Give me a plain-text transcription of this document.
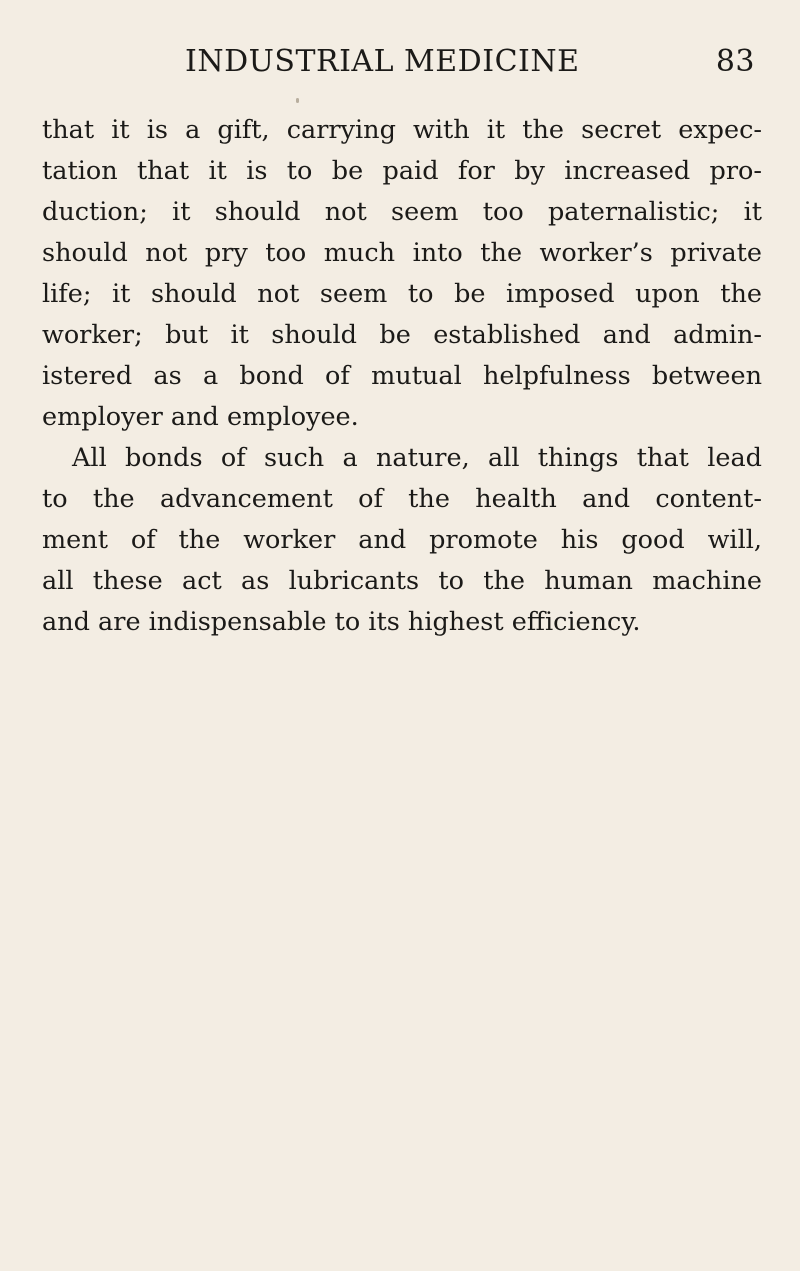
INDUSTRIAL MEDICINE	83
that it is a gift, carrying with it the secret expec-
tation that it is to be paid for by increased pro-
duction; it should not seem too paternalistic; it
should not pry too much into the worker’s private
life; it should not seem to be imposed upon the
worker; but it should be established and admin-
istered as a bond of mutual helpfulness between
employer and employee.
All bonds of such a nature, all things that lead
to the advancement of the health and content-
ment of the worker and promote his good will,
all these act as lubricants to the human machine
and are indispensable to its highest efficiency.
